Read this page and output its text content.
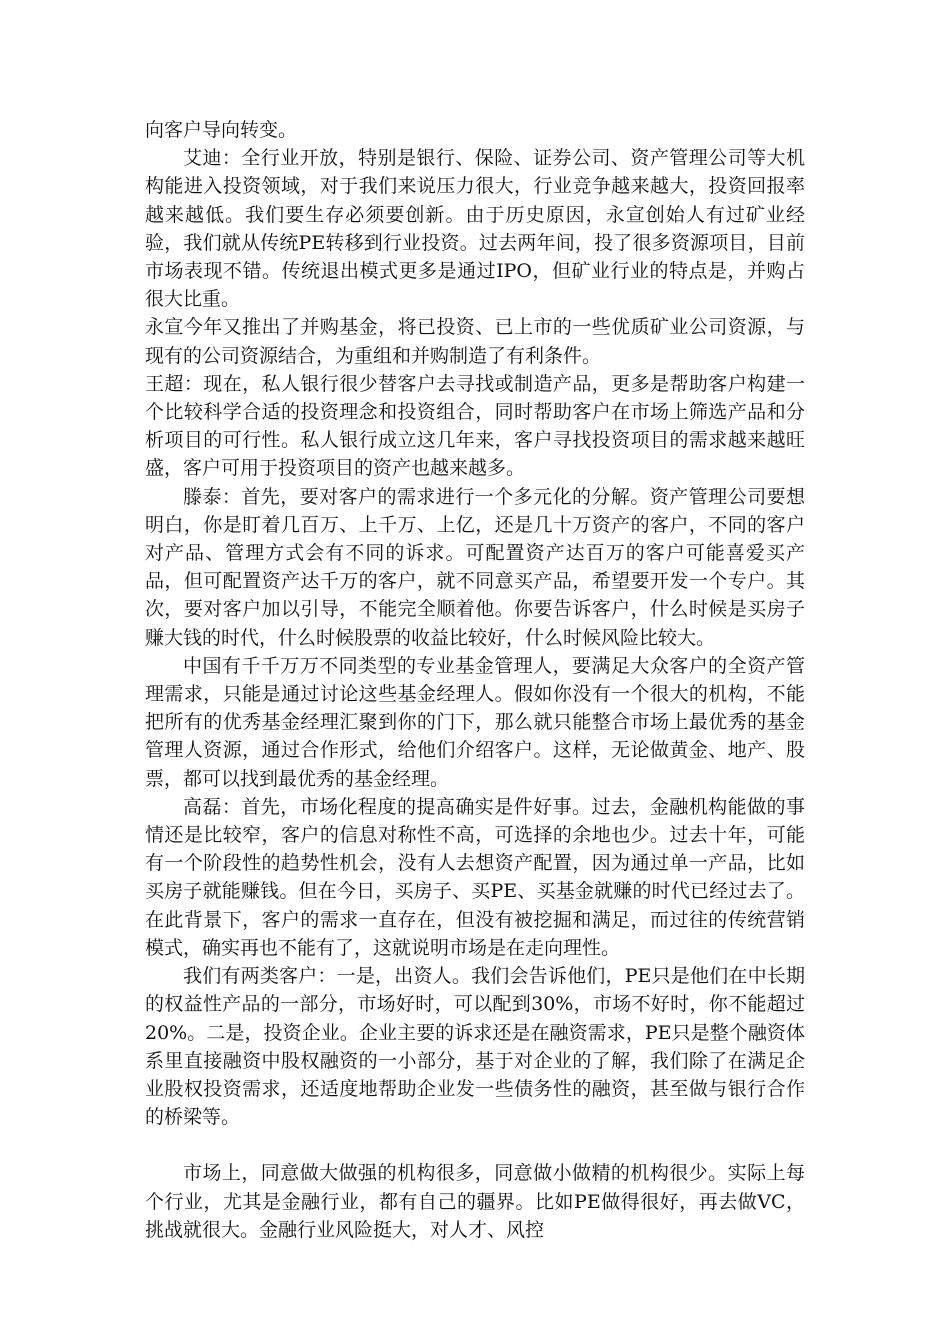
向客户导向转变。

艾迪：全行业开放，特别是银行、保险、证券公司、资产管理公司等大机构能进入投资领域，对于我们来说压力很大，行业竞争越来越大，投资回报率越来越低。我们要生存必须要创新。由于历史原因，永宣创始人有过矿业经验，我们就从传统PE转移到行业投资。过去两年间，投了很多资源项目，目前市场表现不错。传统退出模式更多是通过IPO，但矿业行业的特点是，并购占很大比重。

永宣今年又推出了并购基金，将已投资、已上市的一些优质矿业公司资源，与现有的公司资源结合，为重组和并购制造了有利条件。

王超：现在，私人银行很少替客户去寻找或制造产品，更多是帮助客户构建一个比较科学合适的投资理念和投资组合，同时帮助客户在市场上筛选产品和分析项目的可行性。私人银行成立这几年来，客户寻找投资项目的需求越来越旺盛，客户可用于投资项目的资产也越来越多。

滕泰：首先，要对客户的需求进行一个多元化的分解。资产管理公司要想明白，你是盯着几百万、上千万、上亿，还是几十万资产的客户，不同的客户对产品、管理方式会有不同的诉求。可配置资产达百万的客户可能喜爱买产品，但可配置资产达千万的客户，就不同意买产品，希望要开发一个专户。其次，要对客户加以引导，不能完全顺着他。你要告诉客户，什么时候是买房子赚大钱的时代，什么时候股票的收益比较好，什么时候风险比较大。

中国有千千万万不同类型的专业基金管理人，要满足大众客户的全资产管理需求，只能是通过讨论这些基金经理人。假如你没有一个很大的机构，不能把所有的优秀基金经理汇聚到你的门下，那么就只能整合市场上最优秀的基金管理人资源，通过合作形式，给他们介绍客户。这样，无论做黄金、地产、股票，都可以找到最优秀的基金经理。

高磊：首先，市场化程度的提高确实是件好事。过去，金融机构能做的事情还是比较窄，客户的信息对称性不高，可选择的余地也少。过去十年，可能有一个阶段性的趋势性机会，没有人去想资产配置，因为通过单一产品，比如买房子就能赚钱。但在今日，买房子、买PE、买基金就赚的时代已经过去了。在此背景下，客户的需求一直存在，但没有被挖掘和满足，而过往的传统营销模式，确实再也不能有了，这就说明市场是在走向理性。

我们有两类客户：一是，出资人。我们会告诉他们，PE只是他们在中长期的权益性产品的一部分，市场好时，可以配到30%，市场不好时，你不能超过20%。二是，投资企业。企业主要的诉求还是在融资需求，PE只是整个融资体系里直接融资中股权融资的一小部分，基于对企业的了解，我们除了在满足企业股权投资需求，还适度地帮助企业发一些债务性的融资，甚至做与银行合作的桥梁等。

市场上，同意做大做强的机构很多，同意做小做精的机构很少。实际上每个行业，尤其是金融行业，都有自己的疆界。比如PE做得很好，再去做VC，挑战就很大。金融行业风险挺大，对人才、风控
